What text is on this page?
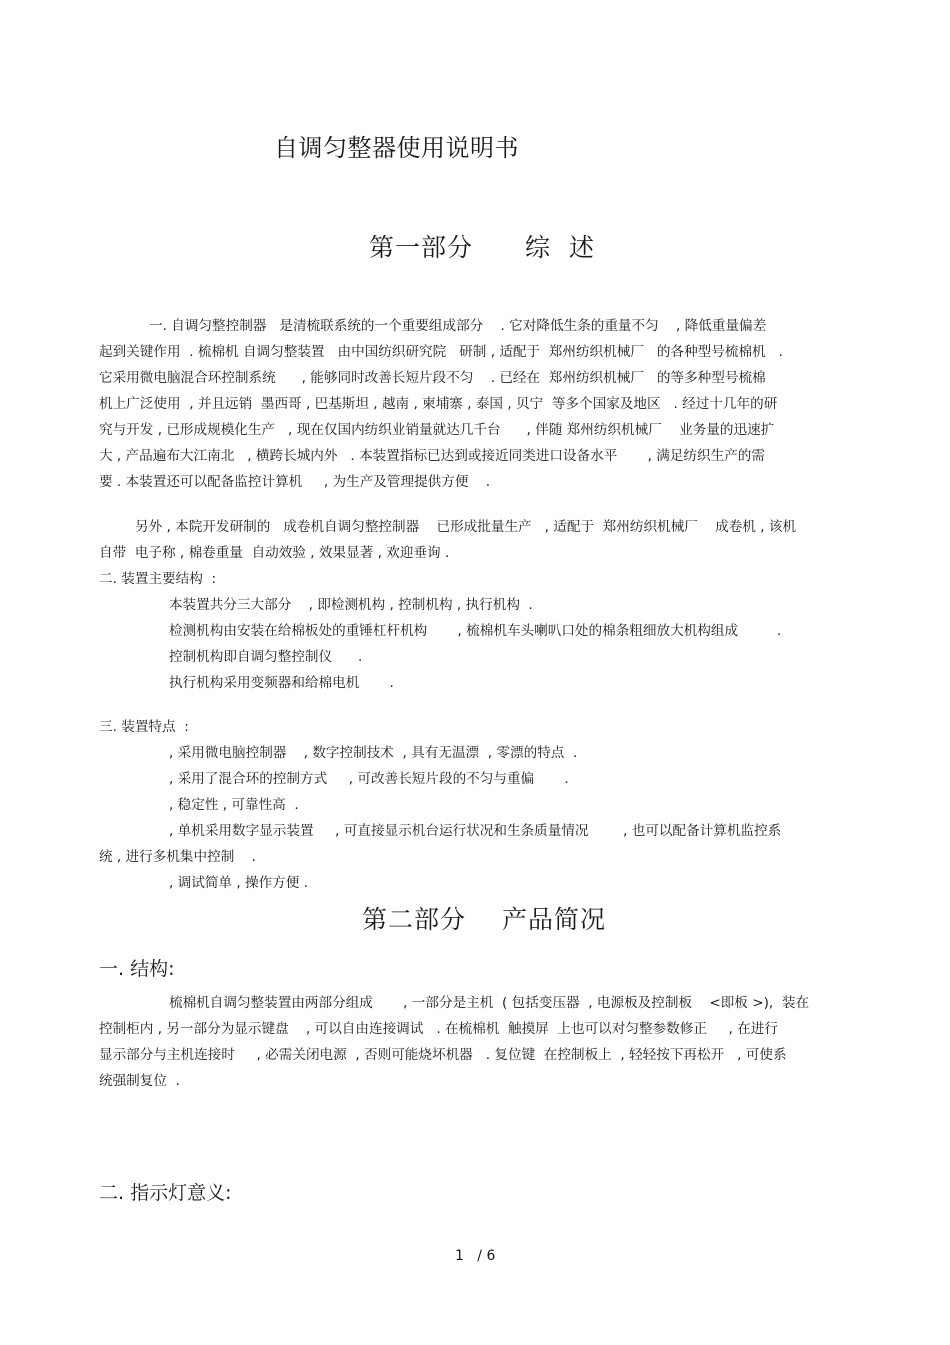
自调匀整器使用说明书
第一部分 综 述
一. 自调匀整控制器   是清梳联系统的一个重要组成部分    . 它对降低生条的重量不匀    , 降低重量偏差
起到关键作用  . 梳棉机 自调匀整装置   由中国纺织研究院   研制 , 适配于  郑州纺织机械厂   的各种型号梳棉机   .
它采用微电脑混合环控制系统      , 能够同时改善长短片段不匀    . 已经在  郑州纺织机械厂   的等多种型号梳棉
机上广泛使用  , 并且远销  墨西哥 , 巴基斯坦 , 越南 , 柬埔寨 , 泰国 , 贝宁  等多个国家及地区   . 经过十几年的研
究与开发 , 已形成规模化生产   , 现在仅国内纺织业销量就达几千台      , 伴随 郑州纺织机械厂    业务量的迅速扩
大 , 产品遍布大江南北   , 横跨长城内外   . 本装置指标已达到或接近同类进口设备水平       , 满足纺织生产的需
要 . 本装置还可以配备监控计算机     , 为生产及管理提供方便    .
另外 , 本院开发研制的   成卷机自调匀整控制器    已形成批量生产   , 适配于  郑州纺织机械厂    成卷机 , 该机
自带  电子称 , 棉卷重量  自动效验 , 效果显著 , 欢迎垂询 .
二. 装置主要结构  :
本装置共分三大部分    , 即检测机构 , 控制机构 , 执行机构  .
检测机构由安装在给棉板处的重锤杠杆机构       , 梳棉机车头喇叭口处的棉条粗细放大机构组成         .
控制机构即自调匀整控制仪      .
执行机构采用变频器和给棉电机       .
三. 装置特点  :
, 采用微电脑控制器    , 数字控制技术  , 具有无温漂  , 零漂的特点  .
, 采用了混合环的控制方式     , 可改善长短片段的不匀与重偏       .
, 稳定性 , 可靠性高  .
, 单机采用数字显示装置     , 可直接显示机台运行状况和生条质量情况        , 也可以配备计算机监控系
统 , 进行多机集中控制    .
, 调试简单 , 操作方便 .
第二部分 产品简况
一. 结构:
梳棉机自调匀整装置由两部分组成       , 一部分是主机  ( 包括变压器  , 电源板及控制板    <即板 >),  装在
控制柜内 , 另一部分为显示键盘    , 可以自由连接调试   . 在梳棉机  触摸屏  上也可以对匀整参数修正     , 在进行
显示部分与主机连接时     , 必需关闭电源  , 否则可能烧坏机器   . 复位键  在控制板上  , 轻轻按下再松开   , 可使系
统强制复位  .
二. 指示灯意义:
1 / 6
